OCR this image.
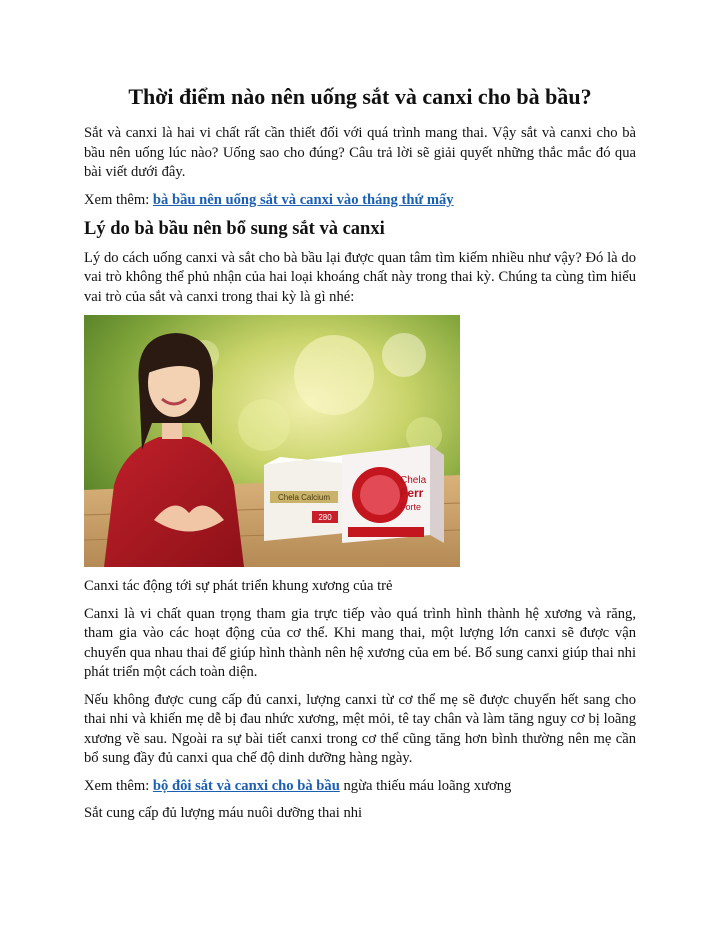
Thời điểm nào nên uống sắt và canxi cho bà bầu?

Sắt và canxi là hai vi chất rất cần thiết đối với quá trình mang thai. Vậy sắt và canxi cho bà bầu nên uống lúc nào? Uống sao cho đúng? Câu trả lời sẽ giải quyết những thắc mắc đó qua bài viết dưới đây.

Xem thêm: bà bầu nên uống sắt và canxi vào tháng thứ mấy

Lý do bà bầu nên bổ sung sắt và canxi

Lý do cách uống canxi và sắt cho bà bầu lại được quan tâm tìm kiếm nhiều như vậy? Đó là do vai trò không thể phủ nhận của hai loại khoáng chất này trong thai kỳ. Chúng ta cùng tìm hiểu vai trò của sắt và canxi trong thai kỳ là gì nhé:

Chela Calcium
280
Chela
Ferr
Forte

Canxi tác động tới sự phát triển khung xương của trẻ

Canxi là vi chất quan trọng tham gia trực tiếp vào quá trình hình thành hệ xương và răng, tham gia vào các hoạt động của cơ thể. Khi mang thai, một lượng lớn canxi sẽ được vận chuyển qua nhau thai để giúp hình thành nên hệ xương của em bé. Bổ sung canxi giúp thai nhi phát triển một cách toàn diện.

Nếu không được cung cấp đủ canxi, lượng canxi từ cơ thể mẹ sẽ được chuyển hết sang cho thai nhi và khiến mẹ dễ bị đau nhức xương, mệt mỏi, tê tay chân và làm tăng nguy cơ bị loãng xương về sau. Ngoài ra sự bài tiết canxi trong cơ thể cũng tăng hơn bình thường nên mẹ cần bổ sung đầy đủ canxi qua chế độ dinh dưỡng hàng ngày.

Xem thêm: bộ đôi sắt và canxi cho bà bầu ngừa thiếu máu loãng xương

Sắt cung cấp đủ lượng máu nuôi dưỡng thai nhi
